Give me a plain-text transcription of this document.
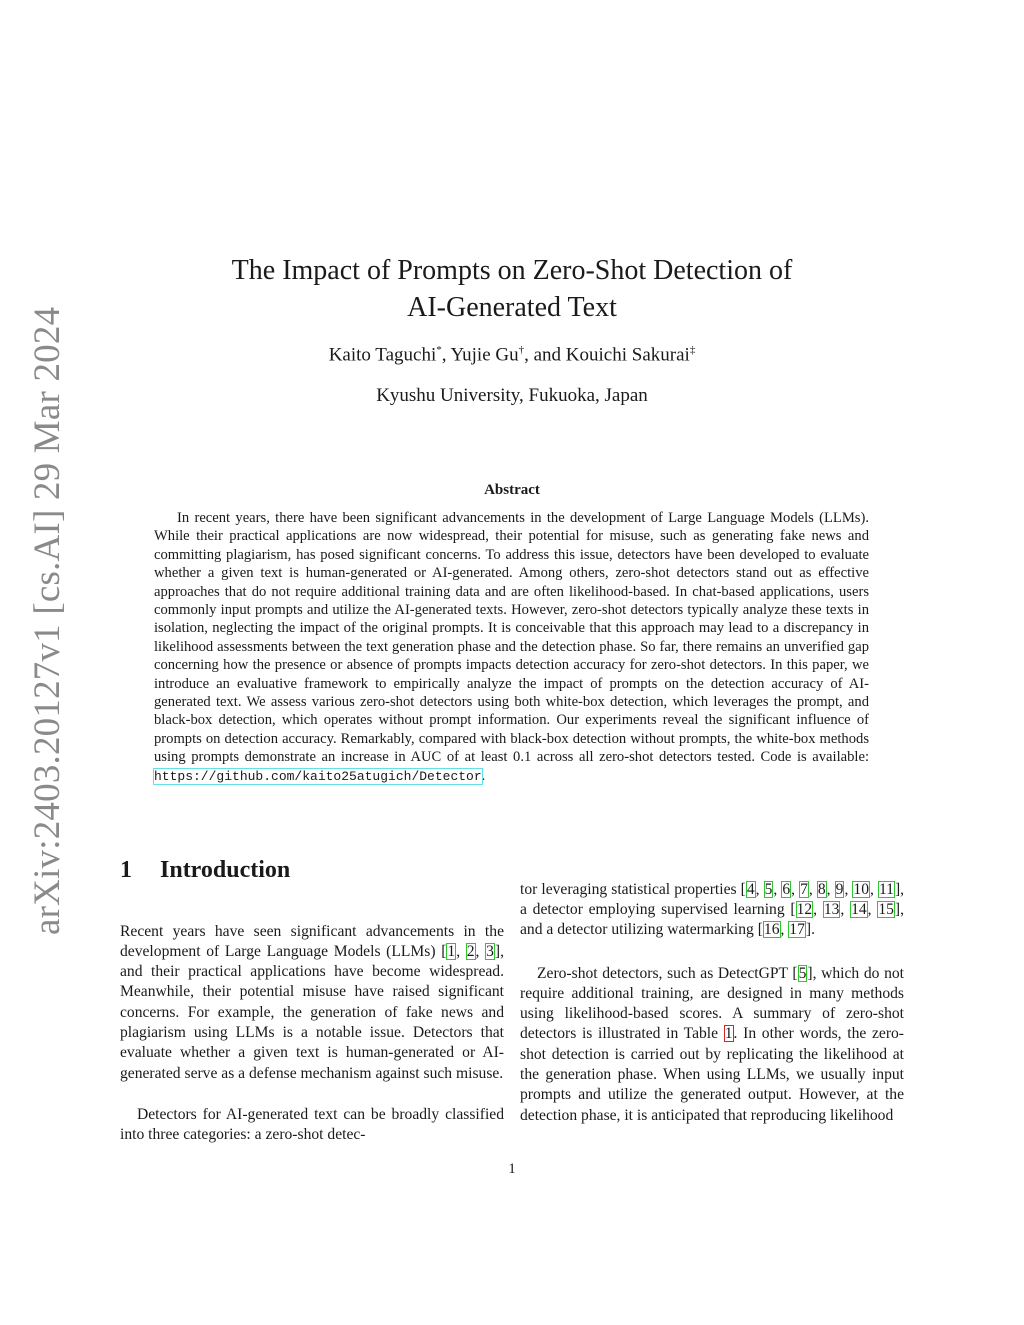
arXiv:2403.20127v1 [cs.AI] 29 Mar 2024
The Impact of Prompts on Zero-Shot Detection of
AI-Generated Text
Kaito Taguchi*, Yujie Gu†, and Kouichi Sakurai‡
Kyushu University, Fukuoka, Japan
Abstract
In recent years, there have been significant advancements in the development of Large Language Models (LLMs). While their practical applications are now widespread, their potential for misuse, such as generating fake news and committing plagiarism, has posed significant concerns. To address this issue, detectors have been developed to evaluate whether a given text is human-generated or AI-generated. Among others, zero-shot detectors stand out as effective approaches that do not require additional training data and are often likelihood-based. In chat-based applications, users commonly input prompts and utilize the AI-generated texts. However, zero-shot detectors typically analyze these texts in isolation, neglecting the impact of the original prompts. It is conceivable that this approach may lead to a discrepancy in likelihood assessments between the text generation phase and the detection phase. So far, there remains an unverified gap concerning how the presence or absence of prompts impacts detection accuracy for zero-shot detectors. In this paper, we introduce an evaluative framework to empirically analyze the impact of prompts on the detection accuracy of AI-generated text. We assess various zero-shot detectors using both white-box detection, which leverages the prompt, and black-box detection, which operates without prompt information. Our experiments reveal the significant influence of prompts on detection accuracy. Remarkably, compared with black-box detection without prompts, the white-box methods using prompts demonstrate an increase in AUC of at least 0.1 across all zero-shot detectors tested. Code is available: https://github.com/kaito25atugich/Detector.
1 Introduction

Recent years have seen significant advancements in the development of Large Language Models (LLMs) [1, 2, 3], and their practical applications have become widespread. Meanwhile, their potential misuse have raised significant concerns. For example, the generation of fake news and plagiarism using LLMs is a notable issue. Detectors that evaluate whether a given text is human-generated or AI-generated serve as a defense mechanism against such misuse.

Detectors for AI-generated text can be broadly classified into three categories: a zero-shot detec-

tor leveraging statistical properties [4, 5, 6, 7, 8, 9, 10, 11], a detector employing supervised learning [12, 13, 14, 15], and a detector utilizing watermarking [16, 17].

Zero-shot detectors, such as DetectGPT [5], which do not require additional training, are designed in many methods using likelihood-based scores. A summary of zero-shot detectors is illustrated in Table 1. In other words, the zero-shot detection is carried out by replicating the likelihood at the generation phase. When using LLMs, we usually input prompts and utilize the generated output. However, at the detection phase, it is anticipated that reproducing likelihood

1
